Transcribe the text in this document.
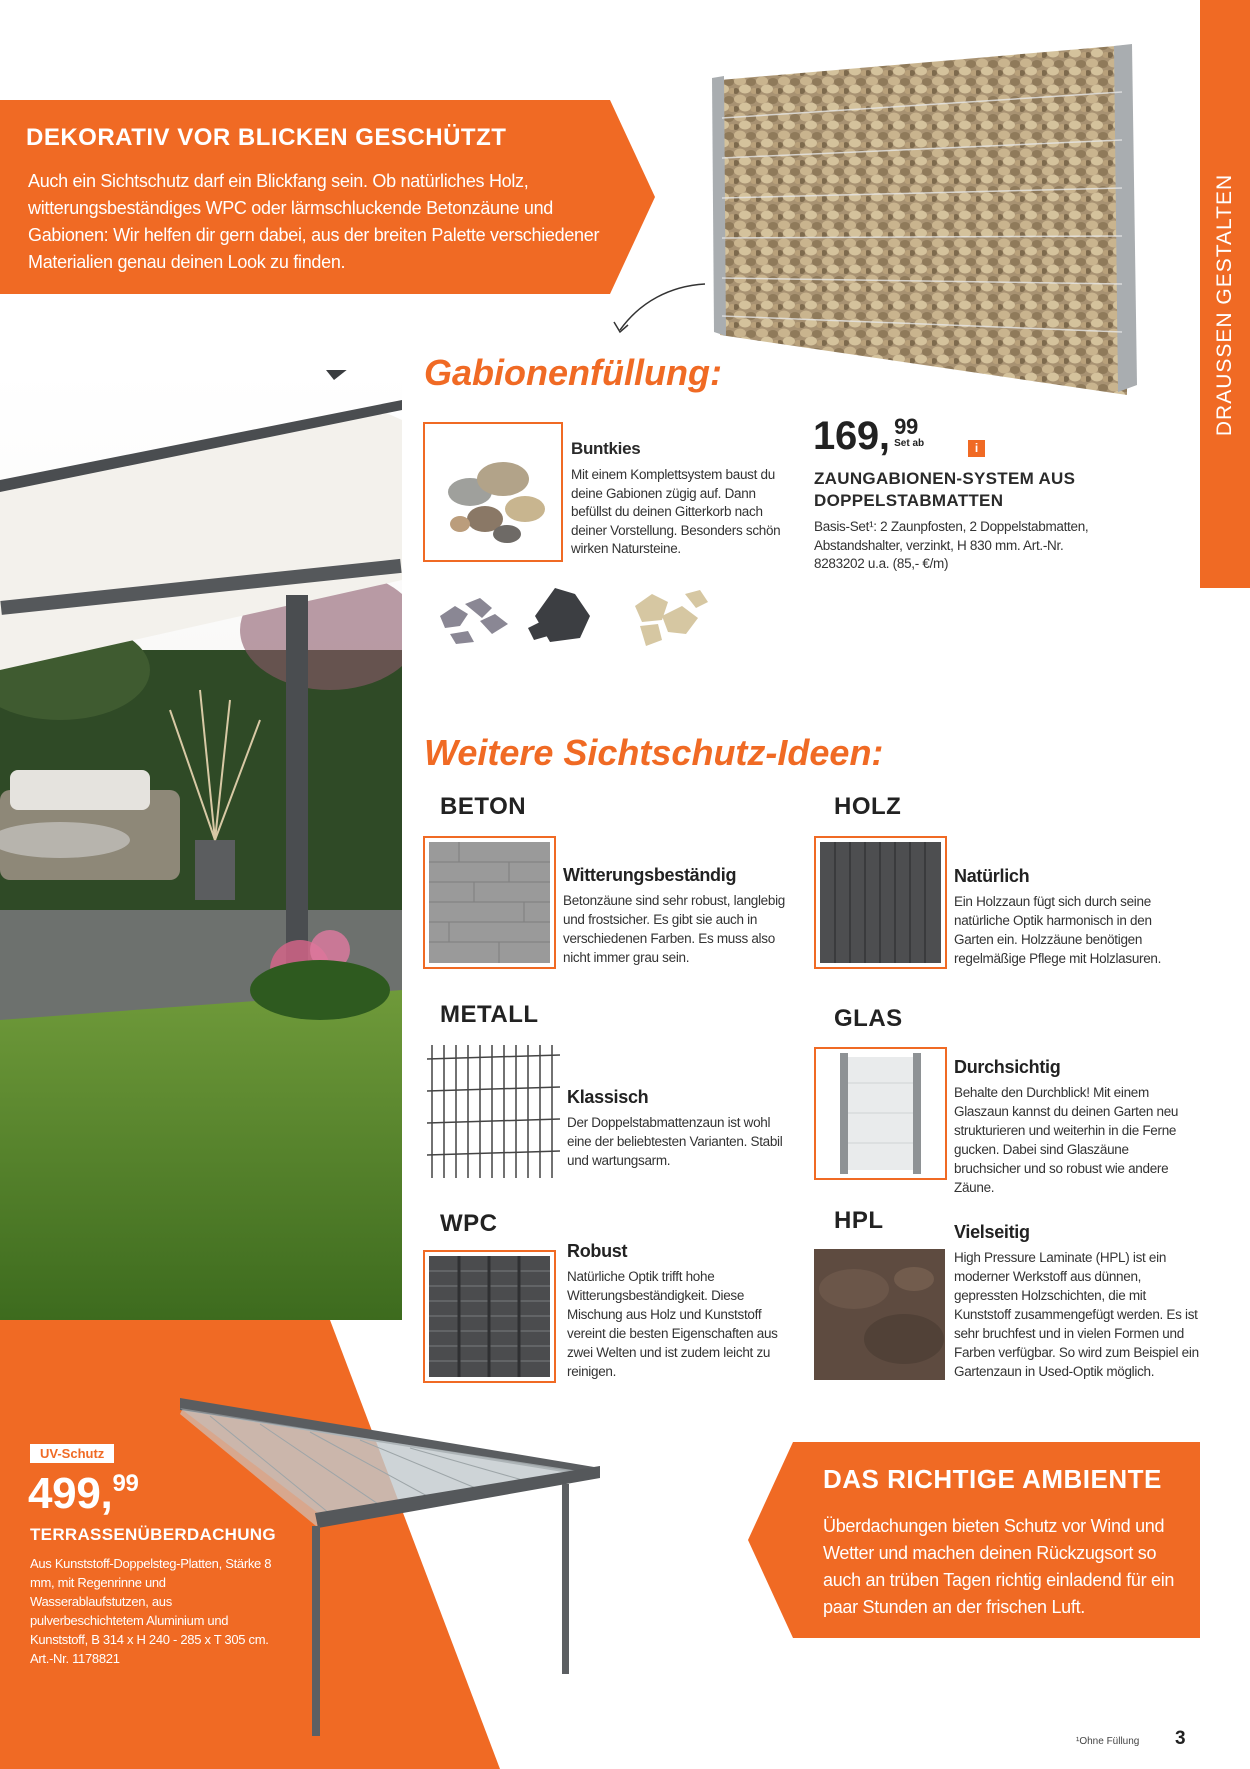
DRAUSSEN GESTALTEN
DEKORATIV VOR BLICKEN GESCHÜTZT
Auch ein Sichtschutz darf ein Blickfang sein. Ob natürliches Holz, witterungsbeständiges WPC oder lärmschluckende Betonzäune und Gabionen: Wir helfen dir gern dabei, aus der breiten Palette verschiedener Materialien genau deinen Look zu finden.
Gabionenfüllung:
Buntkies
Mit einem Komplettsystem baust du deine Gabionen zügig auf. Dann befüllst du deinen Gitterkorb nach deiner Vorstellung. Besonders schön wirken Natursteine.
169, 99
Set ab	i
ZAUNGABIONEN-SYSTEM AUS DOPPELSTABMATTEN
Basis-Set¹: 2 Zaunpfosten, 2 Doppelstabmatten, Abstandshalter, verzinkt, H 830 mm. Art.-Nr. 8283202 u.a. (85,- €/m)
Weitere Sichtschutz-Ideen:
BETON
Witterungsbeständig
Betonzäune sind sehr robust, langlebig und frostsicher. Es gibt sie auch in verschiedenen Farben. Es muss also nicht immer grau sein.
HOLZ
Natürlich
Ein Holzzaun fügt sich durch seine natürliche Optik harmonisch in den Garten ein. Holzzäune benötigen regelmäßige Pflege mit Holzlasuren.
METALL
Klassisch
Der Doppelstabmattenzaun ist wohl eine der beliebtesten Varianten. Stabil und wartungsarm.
GLAS
Durchsichtig
Behalte den Durchblick! Mit einem Glaszaun kannst du deinen Garten neu strukturieren und weiterhin in die Ferne gucken. Dabei sind Glaszäune bruchsicher und so robust wie andere Zäune.
WPC
Robust
Natürliche Optik trifft hohe Witterungsbeständigkeit. Diese Mischung aus Holz und Kunststoff vereint die besten Eigenschaften aus zwei Welten und ist zudem leicht zu reinigen.
HPL	Vielseitig
High Pressure Laminate (HPL) ist ein moderner Werkstoff aus dünnen, gepressten Holzschichten, die mit Kunststoff zusammengefügt werden. Es ist sehr bruchfest und in vielen Formen und Farben verfügbar. So wird zum Beispiel ein Gartenzaun in Used-Optik möglich.
UV-Schutz
499,99
TERRASSENÜBERDACHUNG
Aus Kunststoff-Doppelsteg-Platten, Stärke 8 mm, mit Regenrinne und Wasserablaufstutzen, aus pulverbeschichtetem Aluminium und Kunststoff, B 314 x H 240 - 285 x T 305 cm. Art.-Nr. 1178821
DAS RICHTIGE AMBIENTE
Überdachungen bieten Schutz vor Wind und Wetter und machen deinen Rückzugsort so auch an trüben Tagen richtig einladend für ein paar Stunden an der frischen Luft.
¹Ohne Füllung 3
